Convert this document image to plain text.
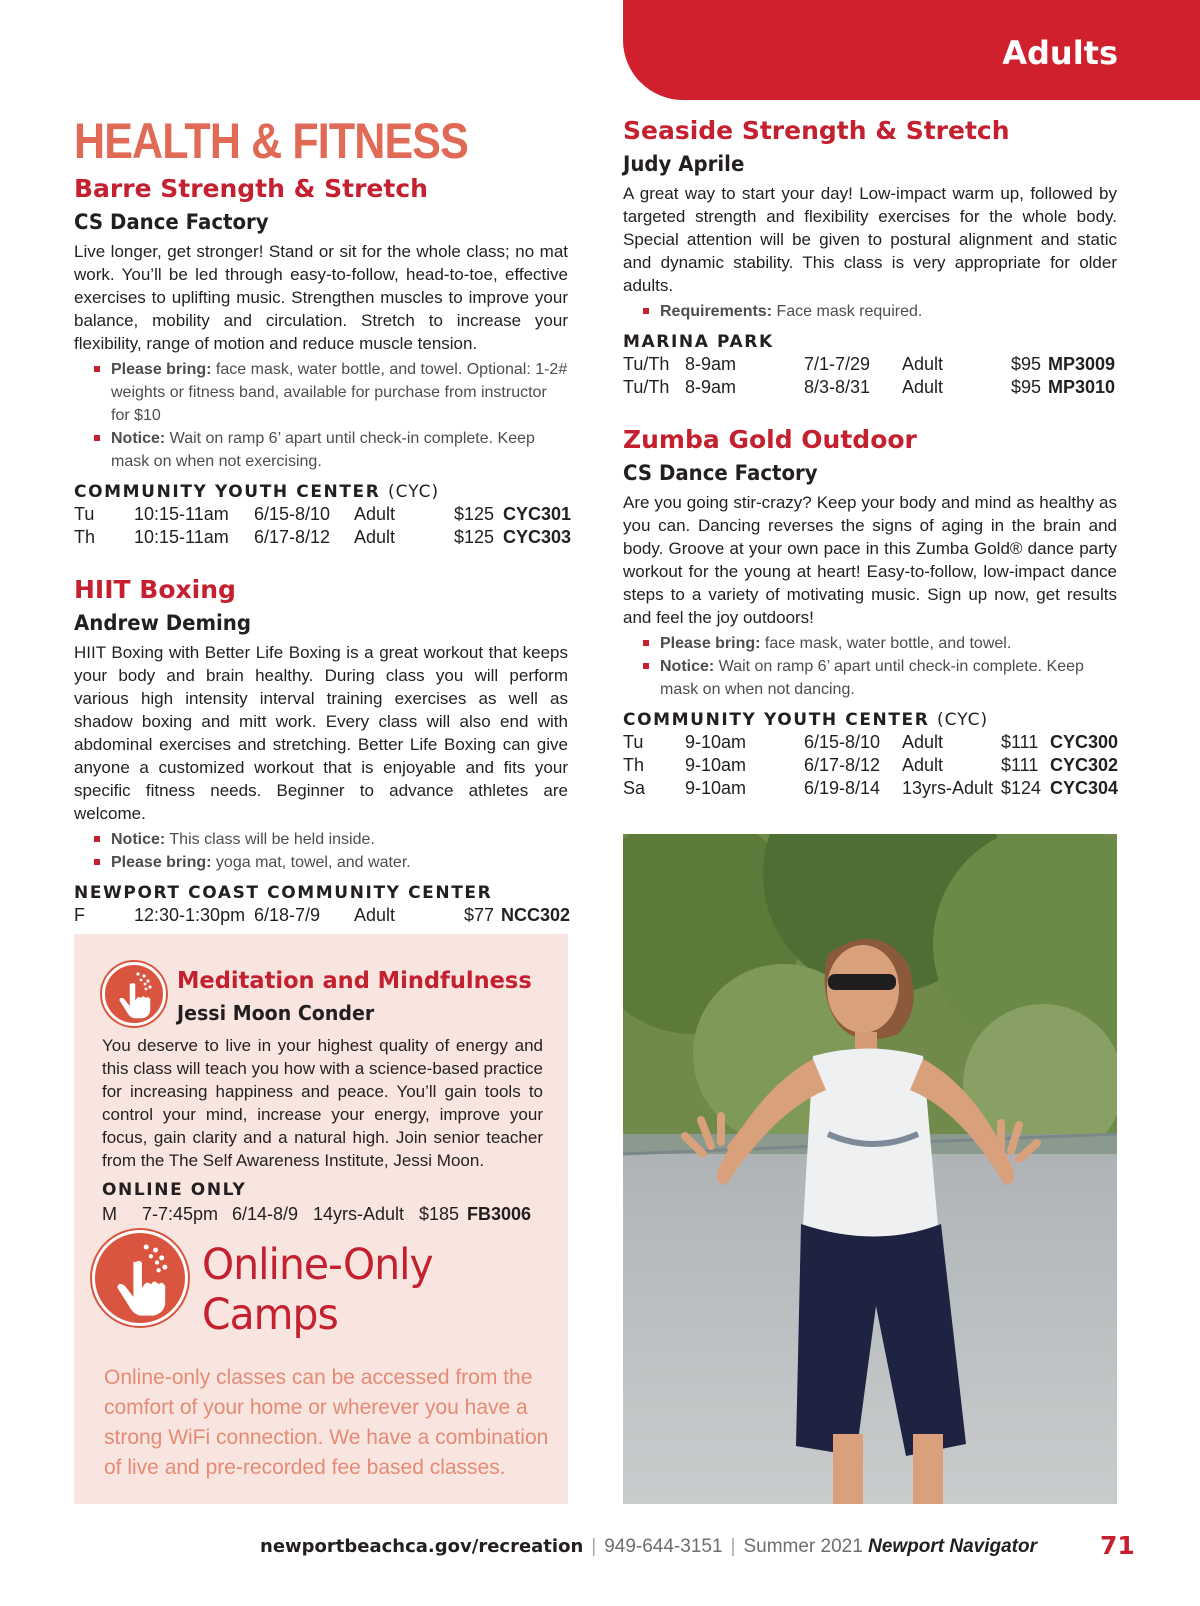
Adults
HEALTH & FITNESS
Barre Strength & Stretch
CS Dance Factory

Live longer, get stronger! Stand or sit for the whole class; no mat work. You’ll be led through easy-to-follow, head-to-toe, effective exercises to uplifting music. Strengthen muscles to improve your balance, mobility and circulation. Stretch to increase your flexibility, range of motion and reduce muscle tension.

Please bring: face mask, water bottle, and towel. Optional: 1-2# weights or fitness band, available for purchase from instructor for $10
Notice: Wait on ramp 6’ apart until check-in complete. Keep mask on when not exercising.
COMMUNITY YOUTH CENTER (CYC)
Tu 10:15-11am 6/15-8/10 Adult	$125 CYC301
Th 10:15-11am 6/17-8/12 Adult	$125 CYC303
HIIT Boxing
Andrew Deming

HIIT Boxing with Better Life Boxing is a great workout that keeps your body and brain healthy. During class you will perform various high intensity interval training exercises as well as shadow boxing and mitt work. Every class will also end with abdominal exercises and stretching. Better Life Boxing can give anyone a customized workout that is enjoyable and fits your specific fitness needs. Beginner to advance athletes are welcome.

Notice: This class will be held inside.
Please bring: yoga mat, towel, and water.
NEWPORT COAST COMMUNITY CENTER
F	12:30-1:30pm 6/18-7/9 Adult	$77 NCC302
Meditation and Mindfulness
Jessi Moon Conder

You deserve to live in your highest quality of energy and this class will teach you how with a science-based practice for increasing happiness and peace. You’ll gain tools to control your mind, increase your energy, improve your focus, gain clarity and a natural high. Join senior teacher from the The Self Awareness Institute, Jessi Moon.

ONLINE ONLY
M 7-7:45pm 6/14-8/9 14yrs-Adult $185 FB3006
Online-Only
Camps

Online-only classes can be accessed from the comfort of your home or wherever you have a strong WiFi connection. We have a combination of live and pre-recorded fee based classes.

Seaside Strength & Stretch
Judy Aprile

A great way to start your day! Low-impact warm up, followed by targeted strength and flexibility exercises for the whole body. Special attention will be given to postural alignment and static and dynamic stability. This class is very appropriate for older adults.

Requirements: Face mask required.
MARINA PARK
Tu/Th 8-9am	7/1-7/29 Adult	$95 MP3009
Tu/Th 8-9am	8/3-8/31 Adult	$95 MP3010
Zumba Gold Outdoor
CS Dance Factory

Are you going stir-crazy? Keep your body and mind as healthy as you can. Dancing reverses the signs of aging in the brain and body. Groove at your own pace in this Zumba Gold® dance party workout for the young at heart! Easy-to-follow, low-impact dance steps to a variety of motivating music. Sign up now, get results and feel the joy outdoors!

Please bring: face mask, water bottle, and towel.
Notice: Wait on ramp 6’ apart until check-in complete. Keep mask on when not dancing.
COMMUNITY YOUTH CENTER (CYC)
Tu 9-10am	6/15-8/10 Adult	$111 CYC300
Th 9-10am	6/17-8/12 Adult	$111 CYC302
Sa 9-10am	6/19-8/14 13yrs-Adult $124 CYC304
newportbeachca.gov/recreation | 949-644-3151 | Summer 2021 Newport Navigator	71
